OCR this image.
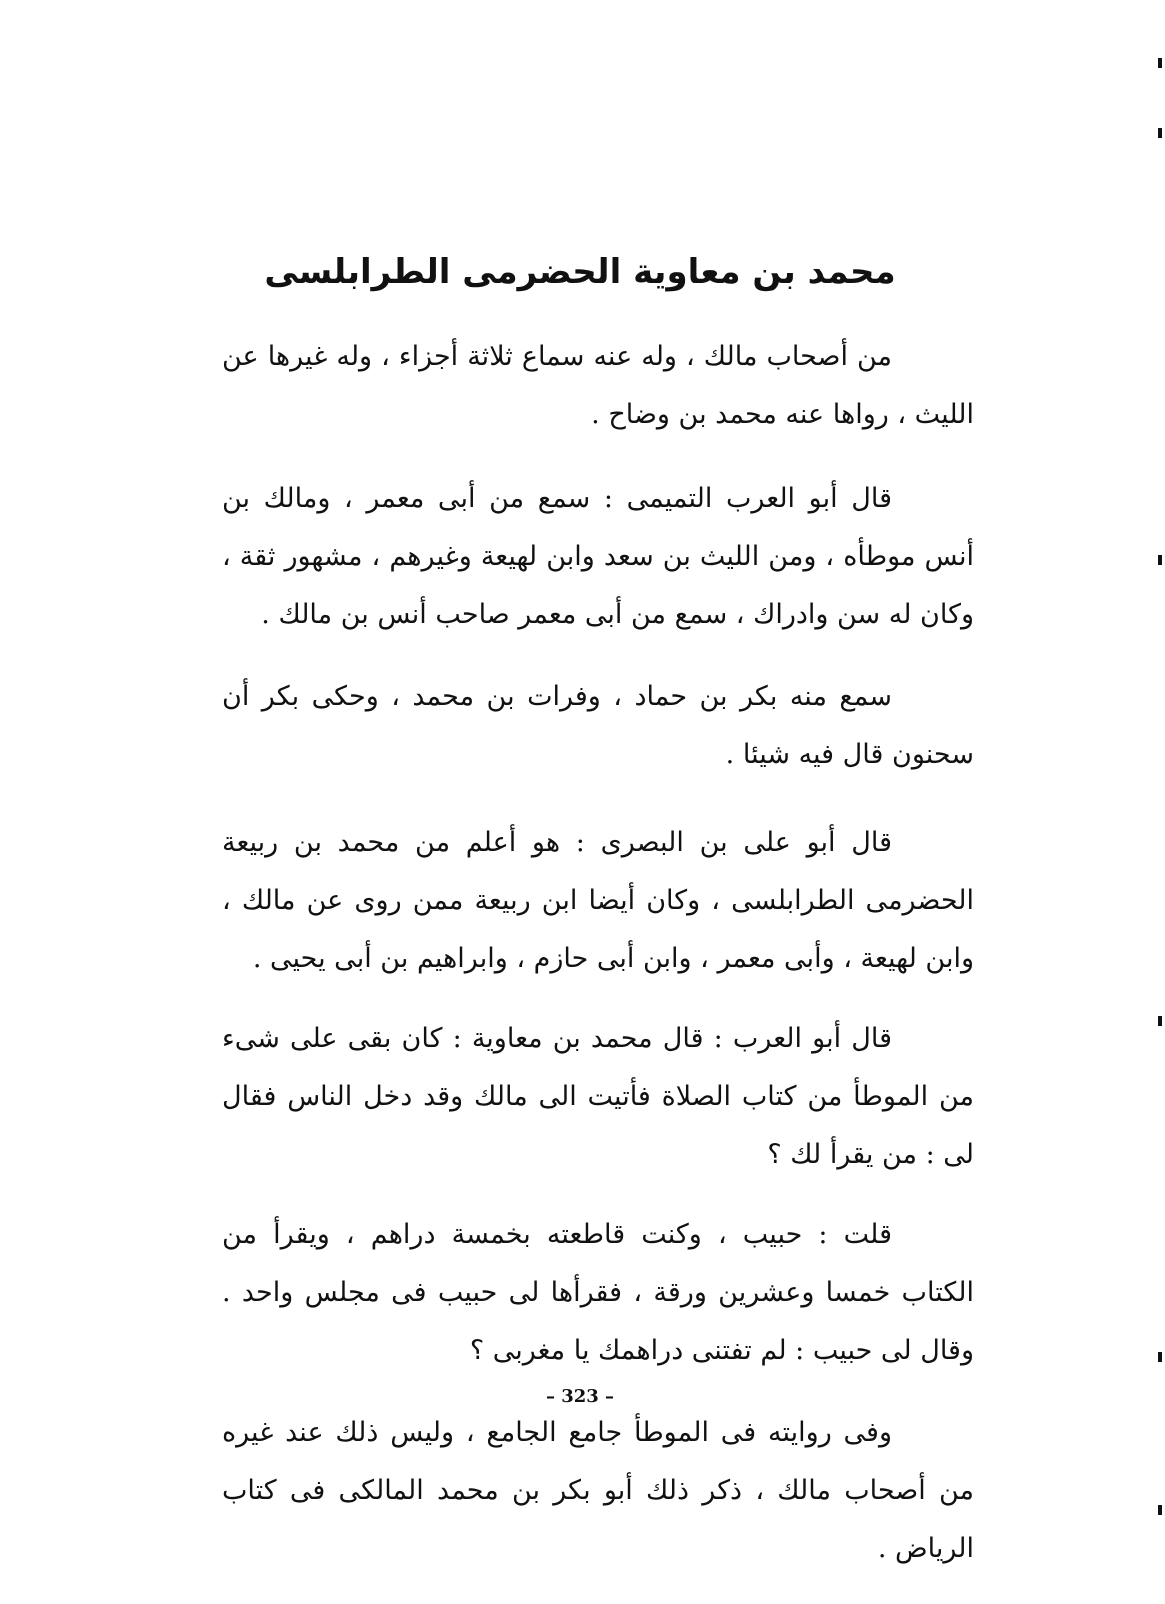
محمد بن معاوية الحضرمى الطرابلسى

من أصحاب مالك ، وله عنه سماع ثلاثة أجزاء ، وله غيرها عن الليث ، رواها عنه محمد بن وضاح .

قال أبو العرب التميمى : سمع من أبى معمر ، ومالك بن أنس موطأه ، ومن الليث بن سعد وابن لهيعة وغيرهم ، مشهور ثقة ، وكان له سن وادراك ، سمع من أبى معمر صاحب أنس بن مالك .

سمع منه بكر بن حماد ، وفرات بن محمد ، وحكى بكر أن سحنون قال فيه شيئا .

قال أبو على بن البصرى : هو أعلم من محمد بن ربيعة الحضرمى الطرابلسى ، وكان أيضا ابن ربيعة ممن روى عن مالك ، وابن لهيعة ، وأبى معمر ، وابن أبى حازم ، وابراهيم بن أبى يحيى .

قال أبو العرب : قال محمد بن معاوية : كان بقى على شىء من الموطأ من كتاب الصلاة فأتيت الى مالك وقد دخل الناس فقال لى : من يقرأ لك ؟

قلت : حبيب ، وكنت قاطعته بخمسة دراهم ، ويقرأ من الكتاب خمسا وعشرين ورقة ، فقرأها لى حبيب فى مجلس واحد . وقال لى حبيب : لم تفتنى دراهمك يا مغربى ؟

وفى روايته فى الموطأ جامع الجامع ، وليس ذلك عند غيره من أصحاب مالك ، ذكر ذلك أبو بكر بن محمد المالكى فى كتاب الرياض .

– 323 –
